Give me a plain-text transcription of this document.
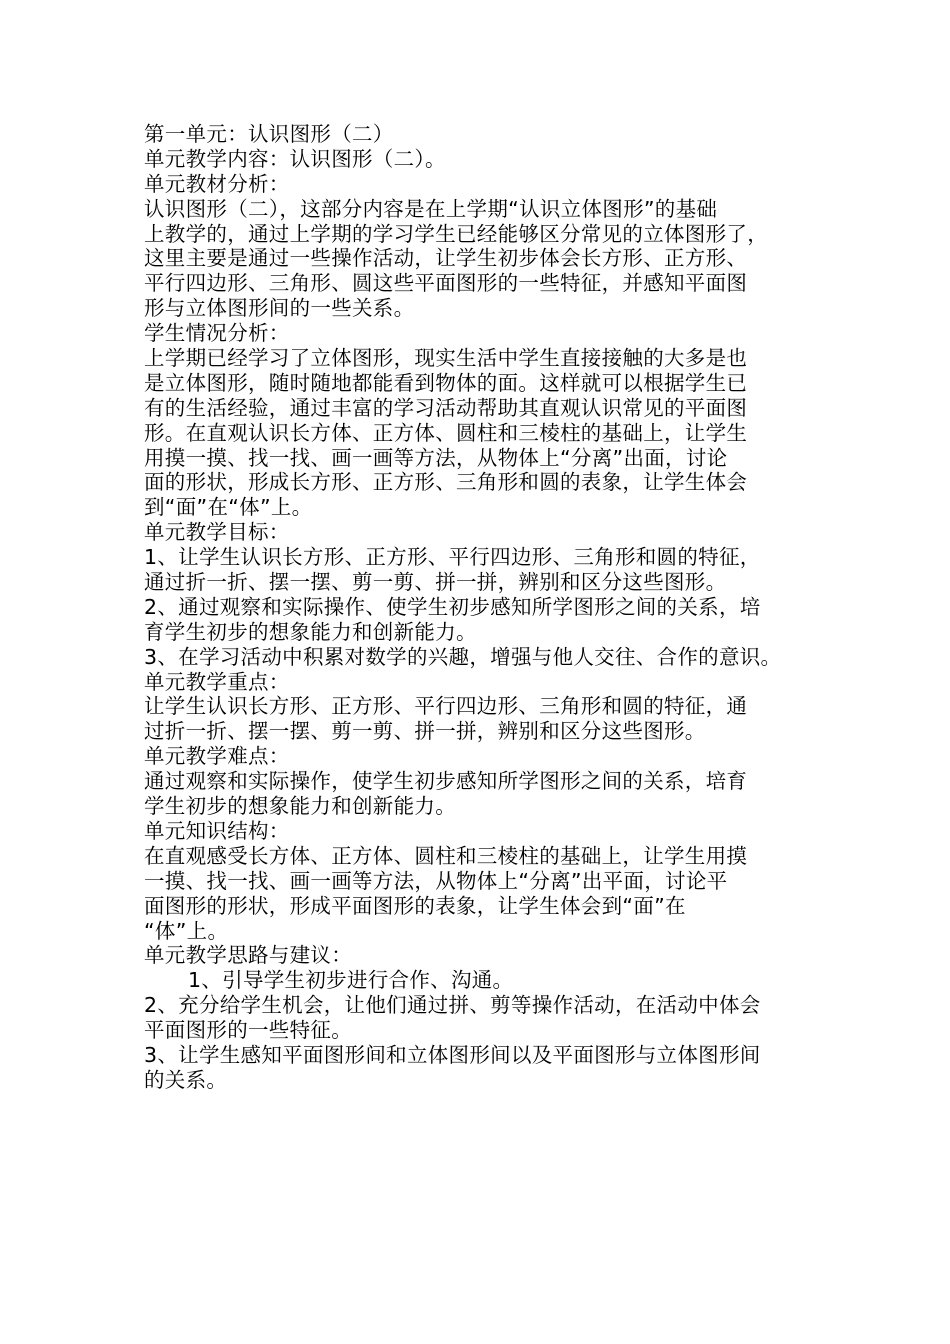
第一单元：认识图形（二）
单元教学内容：认识图形（二）。
单元教材分析：
认识图形（二），这部分内容是在上学期“认识立体图形”的基础
上教学的，通过上学期的学习学生已经能够区分常见的立体图形了，
这里主要是通过一些操作活动，让学生初步体会长方形、正方形、
平行四边形、三角形、圆这些平面图形的一些特征，并感知平面图
形与立体图形间的一些关系。
学生情况分析：
上学期已经学习了立体图形，现实生活中学生直接接触的大多是也
是立体图形，随时随地都能看到物体的面。这样就可以根据学生已
有的生活经验，通过丰富的学习活动帮助其直观认识常见的平面图
形。在直观认识长方体、正方体、圆柱和三棱柱的基础上，让学生
用摸一摸、找一找、画一画等方法，从物体上“分离”出面，讨论
面的形状，形成长方形、正方形、三角形和圆的表象，让学生体会
到“面”在“体”上。
单元教学目标：
1、让学生认识长方形、正方形、平行四边形、三角形和圆的特征，
通过折一折、摆一摆、剪一剪、拼一拼，辨别和区分这些图形。
2、通过观察和实际操作、使学生初步感知所学图形之间的关系，培
育学生初步的想象能力和创新能力。
3、在学习活动中积累对数学的兴趣，增强与他人交往、合作的意识。
单元教学重点：
让学生认识长方形、正方形、平行四边形、三角形和圆的特征，通
过折一折、摆一摆、剪一剪、拼一拼，辨别和区分这些图形。
单元教学难点：
通过观察和实际操作，使学生初步感知所学图形之间的关系，培育
学生初步的想象能力和创新能力。
单元知识结构：
在直观感受长方体、正方体、圆柱和三棱柱的基础上，让学生用摸
一摸、找一找、画一画等方法，从物体上“分离”出平面，讨论平
面图形的形状，形成平面图形的表象，让学生体会到“面”在
“体”上。
单元教学思路与建议：
1、引导学生初步进行合作、沟通。
2、充分给学生机会，让他们通过拼、剪等操作活动，在活动中体会
平面图形的一些特征。
3、让学生感知平面图形间和立体图形间以及平面图形与立体图形间
的关系。
